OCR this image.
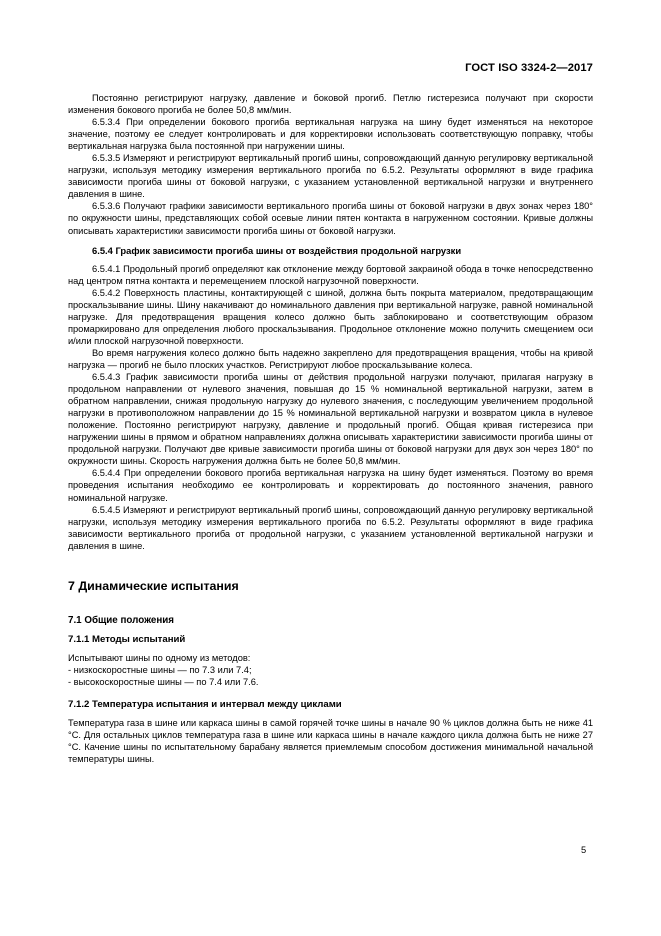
ГОСТ ISO 3324-2—2017

Постоянно регистрируют нагрузку, давление и боковой прогиб. Петлю гистерезиса получают при скорости изменения бокового прогиба не более 50,8 мм/мин.

6.5.3.4 При определении бокового прогиба вертикальная нагрузка на шину будет изменяться на некоторое значение, поэтому ее следует контролировать и для корректировки использовать соответствующую поправку, чтобы вертикальная нагрузка была постоянной при нагружении шины.

6.5.3.5 Измеряют и регистрируют вертикальный прогиб шины, сопровождающий данную регулировку вертикальной нагрузки, используя методику измерения вертикального прогиба по 6.5.2. Результаты оформляют в виде графика зависимости прогиба шины от боковой нагрузки, с указанием установленной вертикальной нагрузки и внутреннего давления в шине.

6.5.3.6 Получают графики зависимости вертикального прогиба шины от боковой нагрузки в двух зонах через 180° по окружности шины, представляющих собой осевые линии пятен контакта в нагруженном состоянии. Кривые должны описывать характеристики зависимости прогиба шины от боковой нагрузки.

6.5.4 График зависимости прогиба шины от воздействия продольной нагрузки

6.5.4.1 Продольный прогиб определяют как отклонение между бортовой закраиной обода в точке непосредственно над центром пятна контакта и перемещением плоской нагрузочной поверхности.

6.5.4.2 Поверхность пластины, контактирующей с шиной, должна быть покрыта материалом, предотвращающим проскальзывание шины. Шину накачивают до номинального давления при вертикальной нагрузке, равной номинальной нагрузке. Для предотвращения вращения колесо должно быть заблокировано и соответствующим образом промаркировано для определения любого проскальзывания. Продольное отклонение можно получить смещением оси и/или плоской нагрузочной поверхности.

Во время нагружения колесо должно быть надежно закреплено для предотвращения вращения, чтобы на кривой нагрузка — прогиб не было плоских участков. Регистрируют любое проскальзывание колеса.

6.5.4.3 График зависимости прогиба шины от действия продольной нагрузки получают, прилагая нагрузку в продольном направлении от нулевого значения, повышая до 15 % номинальной вертикальной нагрузки, затем в обратном направлении, снижая продольную нагрузку до нулевого значения, с последующим увеличением продольной нагрузки в противоположном направлении до 15 % номинальной вертикальной нагрузки и возвратом цикла в нулевое положение. Постоянно регистрируют нагрузку, давление и продольный прогиб. Общая кривая гистерезиса при нагружении шины в прямом и обратном направлениях должна описывать характеристики зависимости прогиба шины от продольной нагрузки. Получают две кривые зависимости прогиба шины от боковой нагрузки для двух зон через 180° по окружности шины. Скорость нагружения должна быть не более 50,8 мм/мин.

6.5.4.4 При определении бокового прогиба вертикальная нагрузка на шину будет изменяться. Поэтому во время проведения испытания необходимо ее контролировать и корректировать до постоянного значения, равного номинальной нагрузке.

6.5.4.5 Измеряют и регистрируют вертикальный прогиб шины, сопровождающий данную регулировку вертикальной нагрузки, используя методику измерения вертикального прогиба по 6.5.2. Результаты оформляют в виде графика зависимости вертикального прогиба от продольной нагрузки, с указанием установленной вертикальной нагрузки и давления в шине.

7 Динамические испытания
7.1 Общие положения
7.1.1 Методы испытаний

Испытывают шины по одному из методов:

- низкоскоростные шины — по 7.3 или 7.4;

- высокоскоростные шины — по 7.4 или 7.6.

7.1.2 Температура испытания и интервал между циклами

Температура газа в шине или каркаса шины в самой горячей точке шины в начале 90 % циклов должна быть не ниже 41 °С. Для остальных циклов температура газа в шине или каркаса шины в начале каждого цикла должна быть не ниже 27 °С. Качение шины по испытательному барабану является приемлемым способом достижения минимальной начальной температуры шины.

5
